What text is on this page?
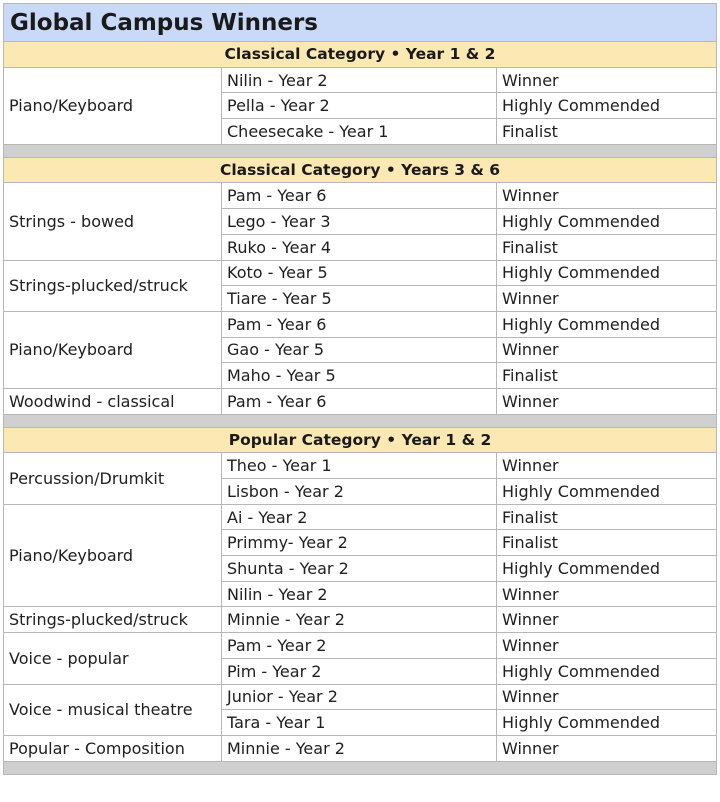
Global Campus Winners		
Classical Category • Year 1 & 2		
Piano/Keyboard	Nilin - Year 2	Winner
	Pella - Year 2	Highly Commended
	Cheesecake - Year 1	Finalist

Classical Category • Years 3 & 6		
Strings - bowed	Pam - Year 6	Winner
	Lego - Year 3	Highly Commended
	Ruko - Year 4	Finalist
Strings-plucked/struck	Koto - Year 5	Highly Commended
	Tiare - Year 5	Winner
Piano/Keyboard	Pam - Year 6	Highly Commended
	Gao - Year 5	Winner
	Maho - Year 5	Finalist
Woodwind - classical	Pam - Year 6	Winner

Popular Category • Year 1 & 2		
Percussion/Drumkit	Theo - Year 1	Winner
	Lisbon - Year 2	Highly Commended
Piano/Keyboard	Ai - Year 2	Finalist
	Primmy- Year 2	Finalist
	Shunta - Year 2	Highly Commended
	Nilin - Year 2	Winner
Strings-plucked/struck	Minnie - Year 2	Winner
Voice - popular	Pam - Year 2	Winner
	Pim - Year 2	Highly Commended
Voice - musical theatre	Junior - Year 2	Winner
	Tara - Year 1	Highly Commended
Popular - Composition	Minnie - Year 2	Winner
